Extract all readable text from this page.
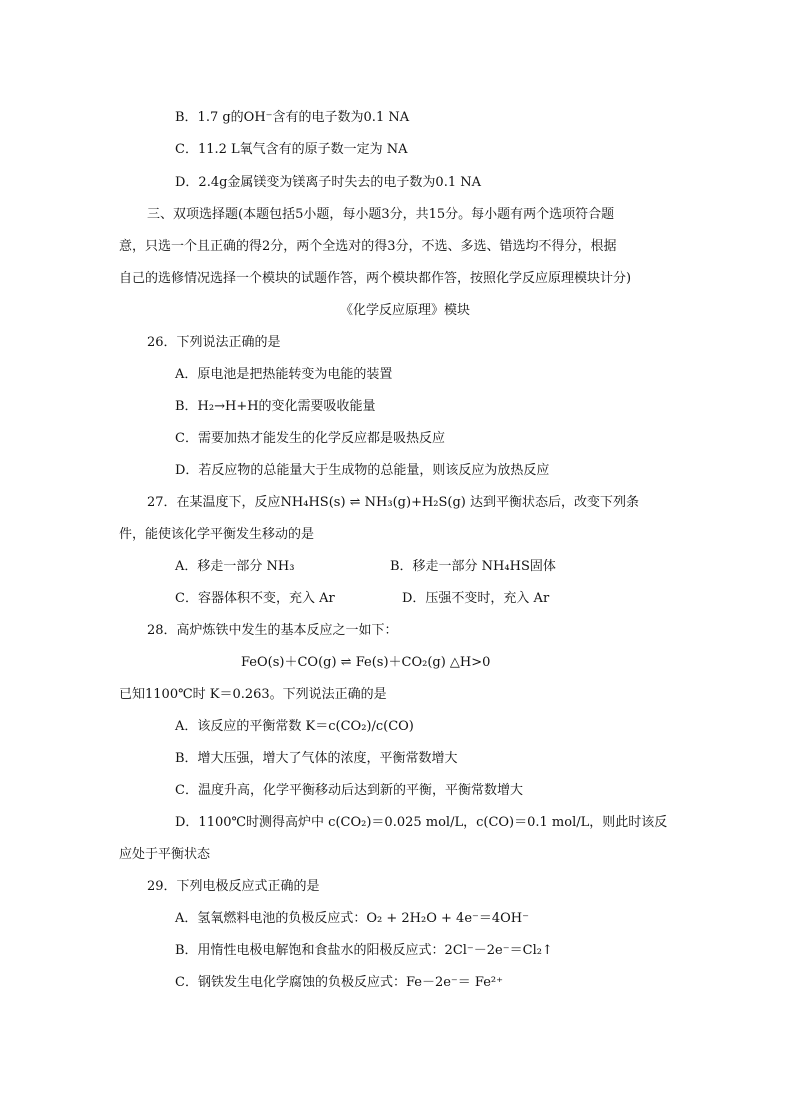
B．1.7 g的OH⁻含有的电子数为0.1 NA
C．11.2 L氧气含有的原子数一定为 NA
D．2.4g金属镁变为镁离子时失去的电子数为0.1 NA
三、双项选择题(本题包括5小题，每小题3分，共15分。每小题有两个选项符合题
意，只选一个且正确的得2分，两个全选对的得3分，不选、多选、错选均不得分，根据
自己的选修情况选择一个模块的试题作答，两个模块都作答，按照化学反应原理模块计分)
《化学反应原理》模块
26．下列说法正确的是
A．原电池是把热能转变为电能的装置
B．H₂→H+H的变化需要吸收能量
C．需要加热才能发生的化学反应都是吸热反应
D．若反应物的总能量大于生成物的总能量，则该反应为放热反应
27．在某温度下，反应NH₄HS(s) ⇌ NH₃(g)+H₂S(g) 达到平衡状态后，改变下列条
件，能使该化学平衡发生移动的是
A．移走一部分 NH₃	B．移走一部分 NH₄HS固体
C．容器体积不变，充入 Ar	D．压强不变时，充入 Ar
28．高炉炼铁中发生的基本反应之一如下：
FeO(s)＋CO(g) ⇌ Fe(s)＋CO₂(g) △H>0
已知1100℃时 K＝0.263。下列说法正确的是
A．该反应的平衡常数 K＝c(CO₂)/c(CO)
B．增大压强，增大了气体的浓度，平衡常数增大
C．温度升高，化学平衡移动后达到新的平衡，平衡常数增大
D．1100℃时测得高炉中 c(CO₂)＝0.025 mol/L，c(CO)＝0.1 mol/L，则此时该反
应处于平衡状态
29．下列电极反应式正确的是
A．氢氧燃料电池的负极反应式：O₂ + 2H₂O + 4e⁻＝4OH⁻
B．用惰性电极电解饱和食盐水的阳极反应式：2Cl⁻－2e⁻＝Cl₂↑
C．钢铁发生电化学腐蚀的负极反应式：Fe－2e⁻＝ Fe²⁺
